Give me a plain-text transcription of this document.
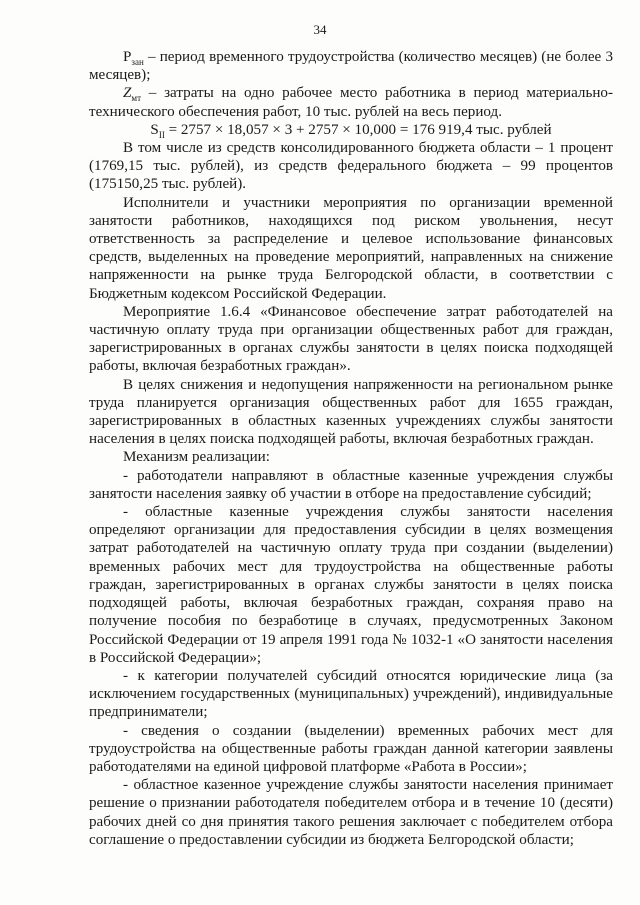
34

$P_{зан}$ – период временного трудоустройства (количество месяцев) (не более 3 месяцев);

$Z_{мт}$ – затраты на одно рабочее место работника в период материально-технического обеспечения работ, 10 тыс. рублей на весь период.

$S_{II} = 2757 \times 18,057 \times 3 + 2757 \times 10,000 = 176$ 919,4 тыс. рублей

В том числе из средств консолидированного бюджета области – 1 процент (1769,15 тыс. рублей), из средств федерального бюджета – 99 процентов (175150,25 тыс. рублей).

Исполнители и участники мероприятия по организации временной занятости работников, находящихся под риском увольнения, несут ответственность за распределение и целевое использование финансовых средств, выделенных на проведение мероприятий, направленных на снижение напряженности на рынке труда Белгородской области, в соответствии с Бюджетным кодексом Российской Федерации.

Мероприятие 1.6.4 «Финансовое обеспечение затрат работодателей на частичную оплату труда при организации общественных работ для граждан, зарегистрированных в органах службы занятости в целях поиска подходящей работы, включая безработных граждан».

В целях снижения и недопущения напряженности на региональном рынке труда планируется организация общественных работ для 1655 граждан, зарегистрированных в областных казенных учреждениях службы занятости населения в целях поиска подходящей работы, включая безработных граждан.

Механизм реализации:

- работодатели направляют в областные казенные учреждения службы занятости населения заявку об участии в отборе на предоставление субсидий;

- областные казенные учреждения службы занятости населения определяют организации для предоставления субсидии в целях возмещения затрат работодателей на частичную оплату труда при создании (выделении) временных рабочих мест для трудоустройства на общественные работы граждан, зарегистрированных в органах службы занятости в целях поиска подходящей работы, включая безработных граждан, сохраняя право на получение пособия по безработице в случаях, предусмотренных Законом Российской Федерации от 19 апреля 1991 года № 1032-1 «О занятости населения в Российской Федерации»;

- к категории получателей субсидий относятся юридические лица (за исключением государственных (муниципальных) учреждений), индивидуальные предприниматели;

- сведения о создании (выделении) временных рабочих мест для трудоустройства на общественные работы граждан данной категории заявлены работодателями на единой цифровой платформе «Работа в России»;

- областное казенное учреждение службы занятости населения принимает решение о признании работодателя победителем отбора и в течение 10 (десяти) рабочих дней со дня принятия такого решения заключает с победителем отбора соглашение о предоставлении субсидии из бюджета Белгородской области;
